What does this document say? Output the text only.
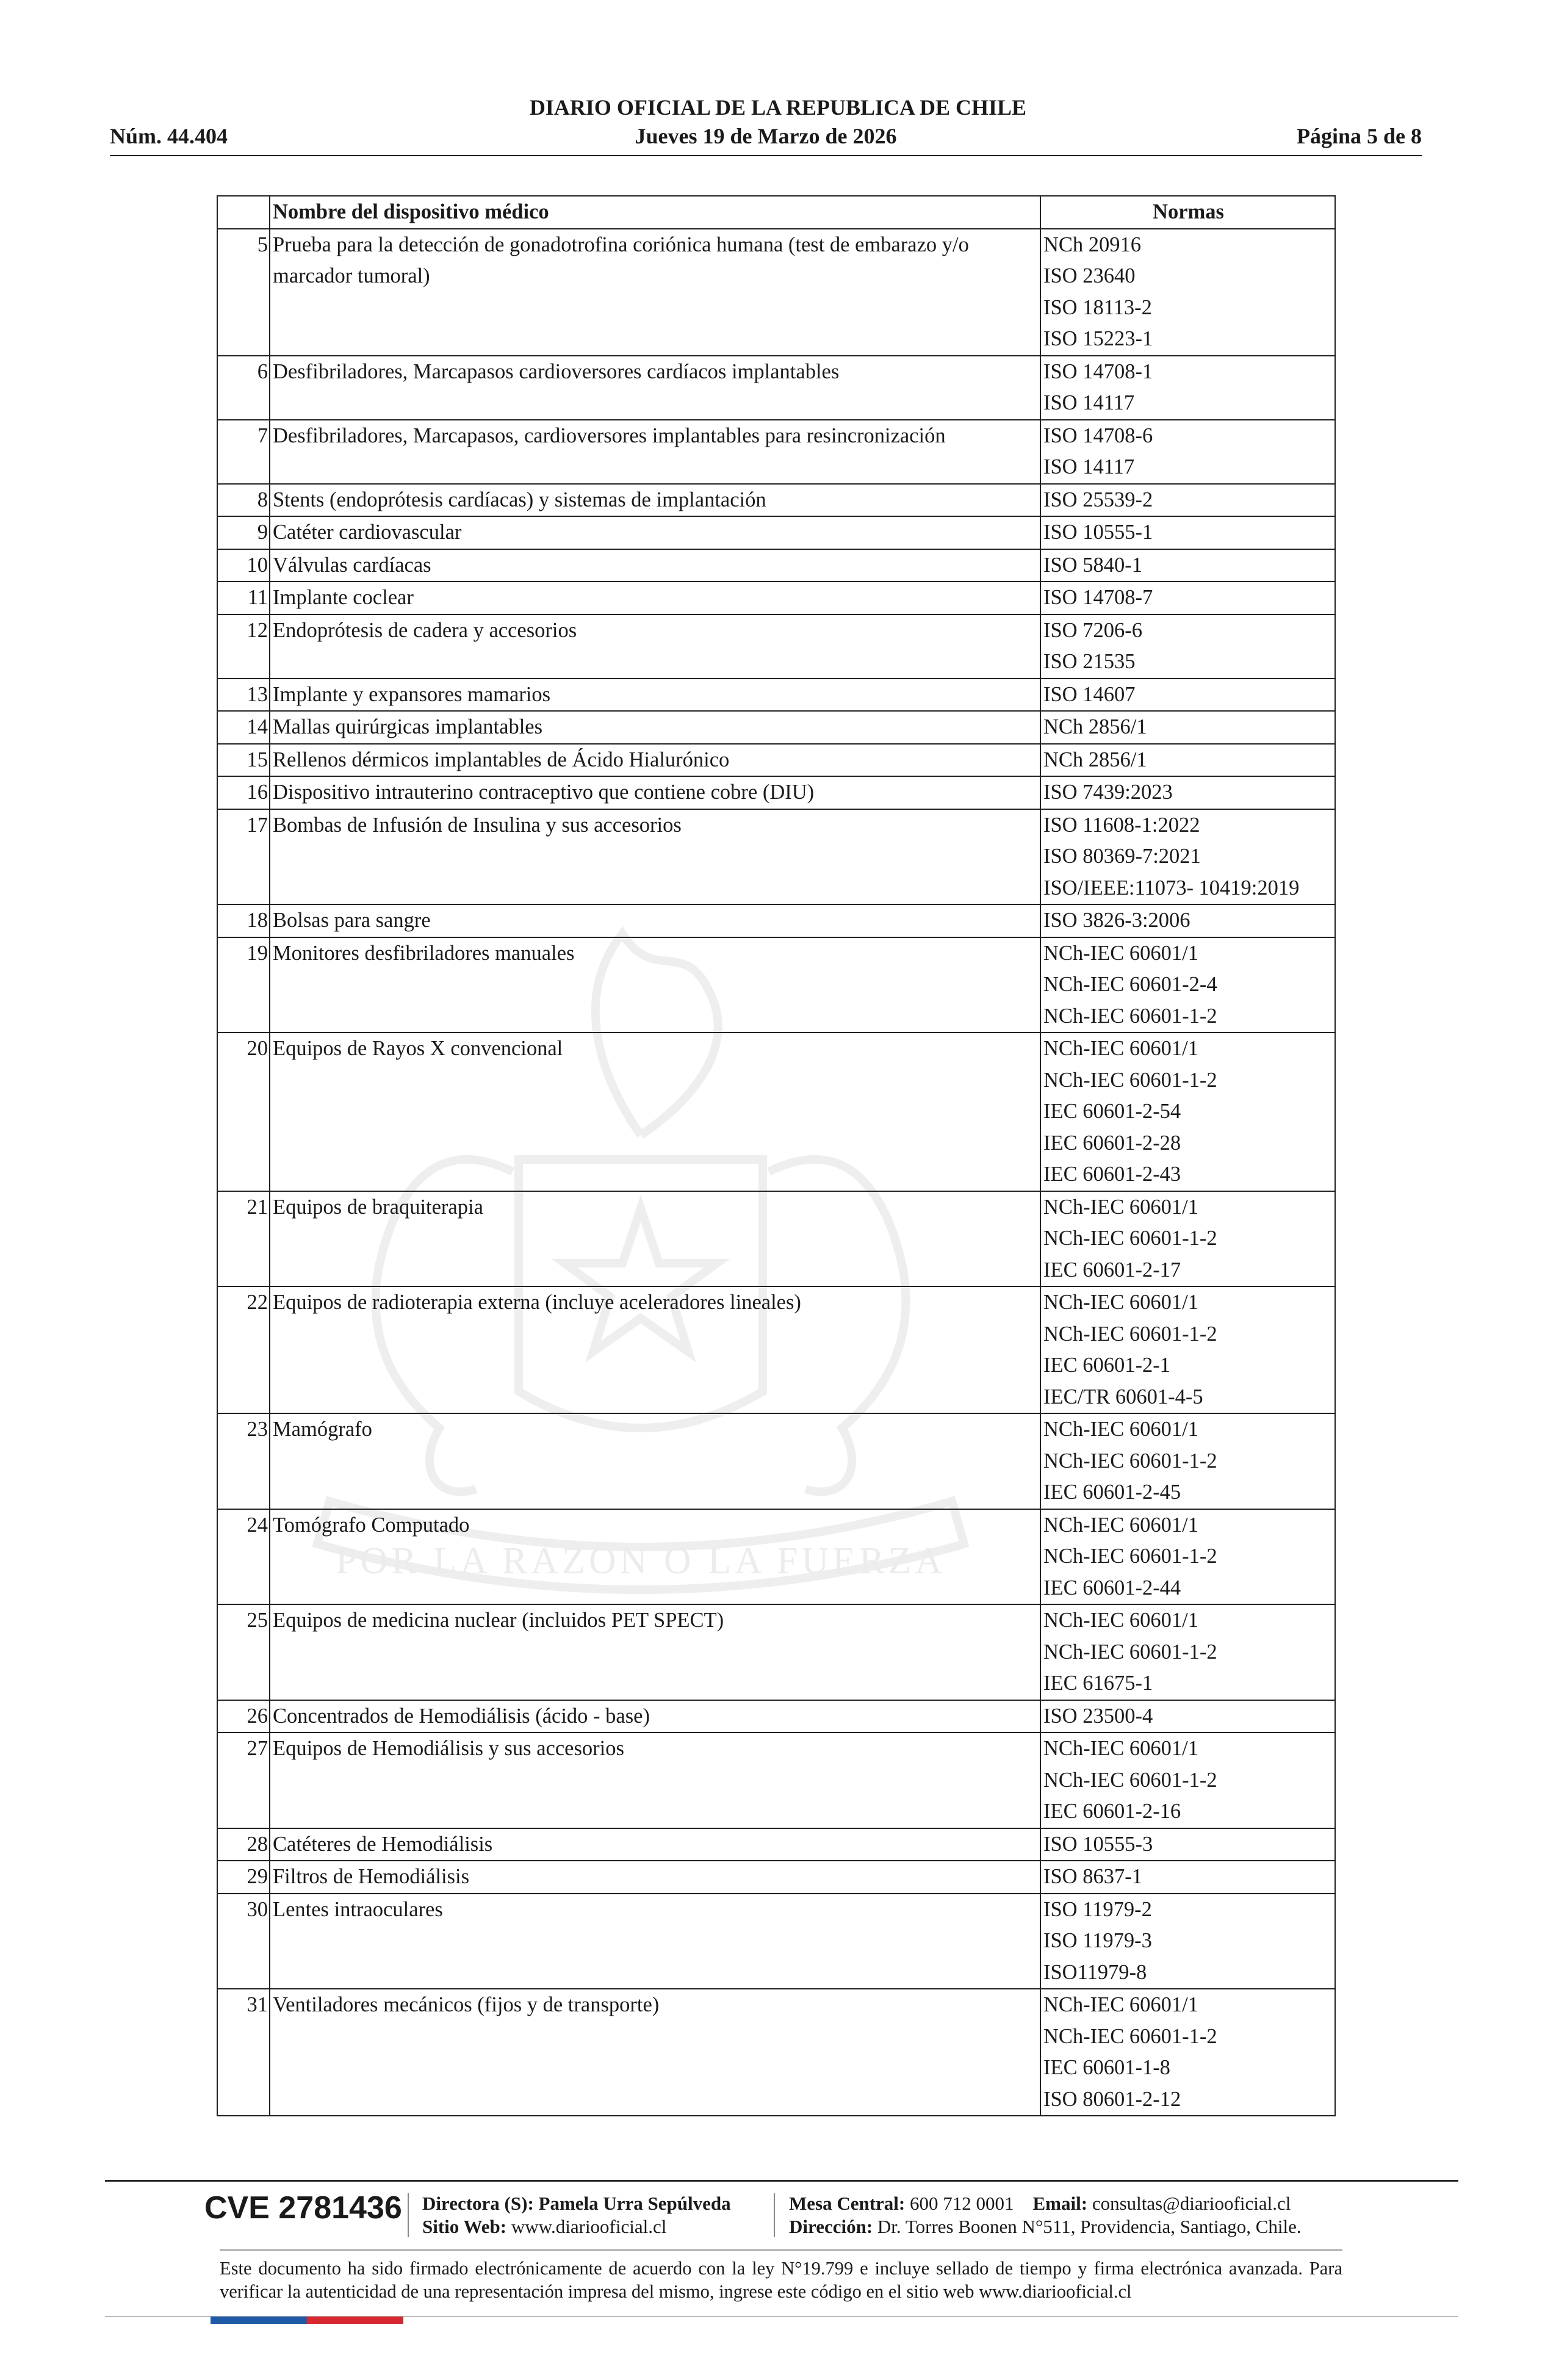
POR LA RAZON O LA FUERZA
DIARIO OFICIAL DE LA REPUBLICA DE CHILE
Núm. 44.404	Jueves 19 de Marzo de 2026	Página 5 de 8
	Nombre del dispositivo médico	Normas
5	Prueba para la detección de gonadotrofina coriónica humana (test de embarazo y/o marcador tumoral)	NCh 20916
ISO 23640
ISO 18113-2
ISO 15223-1

6	Desfibriladores, Marcapasos cardioversores cardíacos implantables	ISO 14708-1
ISO 14117

7	Desfibriladores, Marcapasos, cardioversores implantables para resincronización	ISO 14708-6
ISO 14117

8	Stents (endoprótesis cardíacas) y sistemas de implantación	ISO 25539-2

9	Catéter cardiovascular	ISO 10555-1

10	Válvulas cardíacas	ISO 5840-1

11	Implante coclear	ISO 14708-7

12	Endoprótesis de cadera y accesorios	ISO 7206-6
ISO 21535

13	Implante y expansores mamarios	ISO 14607

14	Mallas quirúrgicas implantables	NCh 2856/1

15	Rellenos dérmicos implantables de Ácido Hialurónico	NCh 2856/1

16	Dispositivo intrauterino contraceptivo que contiene cobre (DIU)	ISO 7439:2023

17	Bombas de Infusión de Insulina y sus accesorios	ISO 11608-1:2022
ISO 80369-7:2021
ISO/IEEE:11073- 10419:2019

18	Bolsas para sangre	ISO 3826-3:2006

19	Monitores desfibriladores manuales	NCh-IEC 60601/1
NCh-IEC 60601-2-4
NCh-IEC 60601-1-2

20	Equipos de Rayos X convencional	NCh-IEC 60601/1
NCh-IEC 60601-1-2
IEC 60601-2-54
IEC 60601-2-28
IEC 60601-2-43

21	Equipos de braquiterapia	NCh-IEC 60601/1
NCh-IEC 60601-1-2
IEC 60601-2-17

22	Equipos de radioterapia externa (incluye aceleradores lineales)	NCh-IEC 60601/1
NCh-IEC 60601-1-2
IEC 60601-2-1
IEC/TR 60601-4-5

23	Mamógrafo	NCh-IEC 60601/1
NCh-IEC 60601-1-2
IEC 60601-2-45

24	Tomógrafo Computado	NCh-IEC 60601/1
NCh-IEC 60601-1-2
IEC 60601-2-44

25	Equipos de medicina nuclear (incluidos PET SPECT)	NCh-IEC 60601/1
NCh-IEC 60601-1-2
IEC 61675-1

26	Concentrados de Hemodiálisis (ácido - base)	ISO 23500-4

27	Equipos de Hemodiálisis y sus accesorios	NCh-IEC 60601/1
NCh-IEC 60601-1-2
IEC 60601-2-16

28	Catéteres de Hemodiálisis	ISO 10555-3

29	Filtros de Hemodiálisis	ISO 8637-1

30	Lentes intraoculares	ISO 11979-2
ISO 11979-3
ISO11979-8

31	Ventiladores mecánicos (fijos y de transporte)	NCh-IEC 60601/1
NCh-IEC 60601-1-2
IEC 60601-1-8
ISO 80601-2-12
CVE 2781436 Directora (S): Pamela Urra Sepúlveda
Sitio Web: www.diariooficial.cl
Mesa Central: 600 712 0001 Email: consultas@diariooficial.cl
Dirección: Dr. Torres Boonen N°511, Providencia, Santiago, Chile.
Este documento ha sido firmado electrónicamente de acuerdo con la ley N°19.799 e incluye sellado de tiempo y firma electrónica avanzada. Para verificar la autenticidad de una representación impresa del mismo, ingrese este código en el sitio web www.diariooficial.cl
